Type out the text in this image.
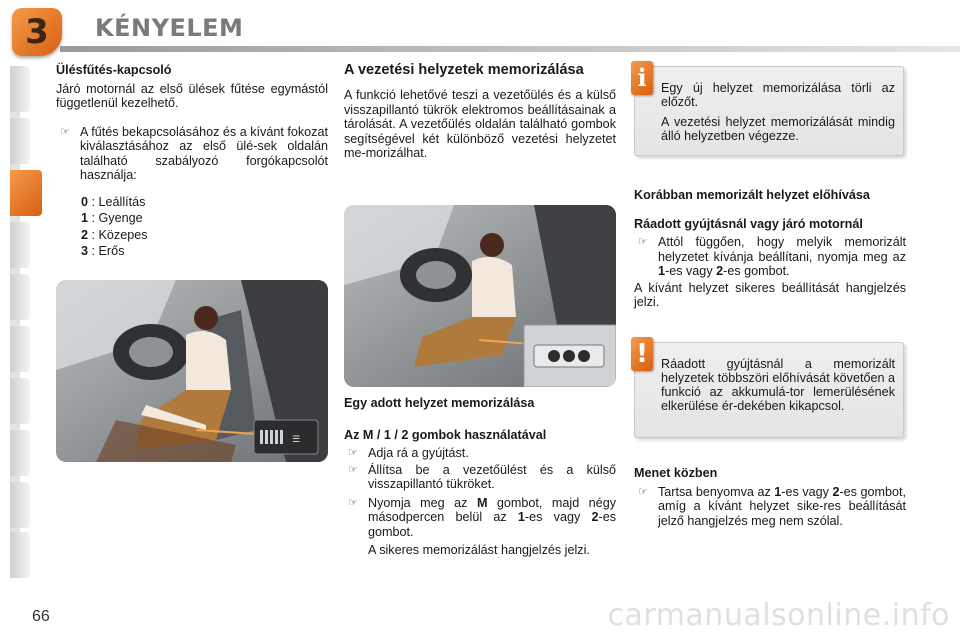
3 KÉNYELEM
Ülésfűtés-kapcsoló

Járó motornál az első ülések fűtése egymástól függetlenül kezelhető.

☞ A fűtés bekapcsolásához és a kívánt fokozat kiválasztásához az első ülé-sek oldalán található szabályozó forgókapcsolót használja:
0 : Leállítás
1 : Gyenge
2 : Közepes
3 : Erős
☰
A vezetési helyzetek memorizálása

A funkció lehetővé teszi a vezetőülés és a külső visszapillantó tükrök elektromos beállításainak a tárolását. A vezetőülés oldalán található gombok segítségével két különböző vezetési helyzetet me-morizálhat.

Egy adott helyzet memorizálása
Az M / 1 / 2 gombok használatával
☞ Adja rá a gyújtást.
☞ Állítsa be a vezetőülést és a külső visszapillantó tükröket.
☞ Nyomja meg az M gombot, majd négy másodpercen belül az 1-es vagy 2-es gombot.

A sikeres memorizálást hangjelzés jelzi.

i	Egy új helyzet memorizálása törli az előzőt.

A vezetési helyzet memorizálását mindig álló helyzetben végezze.

Korábban memorizált helyzet előhívása
Ráadott gyújtásnál vagy járó motornál
☞ Attól függően, hogy melyik memorizált helyzetet kívánja beállítani, nyomja meg az 1-es vagy 2-es gombot.

A kívánt helyzet sikeres beállítását hangjelzés jelzi.

!	Ráadott gyújtásnál a memorizált helyzetek többszöri előhívását követően a funkció az akkumulá-tor lemerülésének elkerülése ér-dekében kikapcsol.

Menet közben
☞ Tartsa benyomva az 1-es vagy 2-es gombot, amíg a kívánt helyzet sike-res beállítását jelző hangjelzés meg nem szólal.
66	carmanualsonline.info
